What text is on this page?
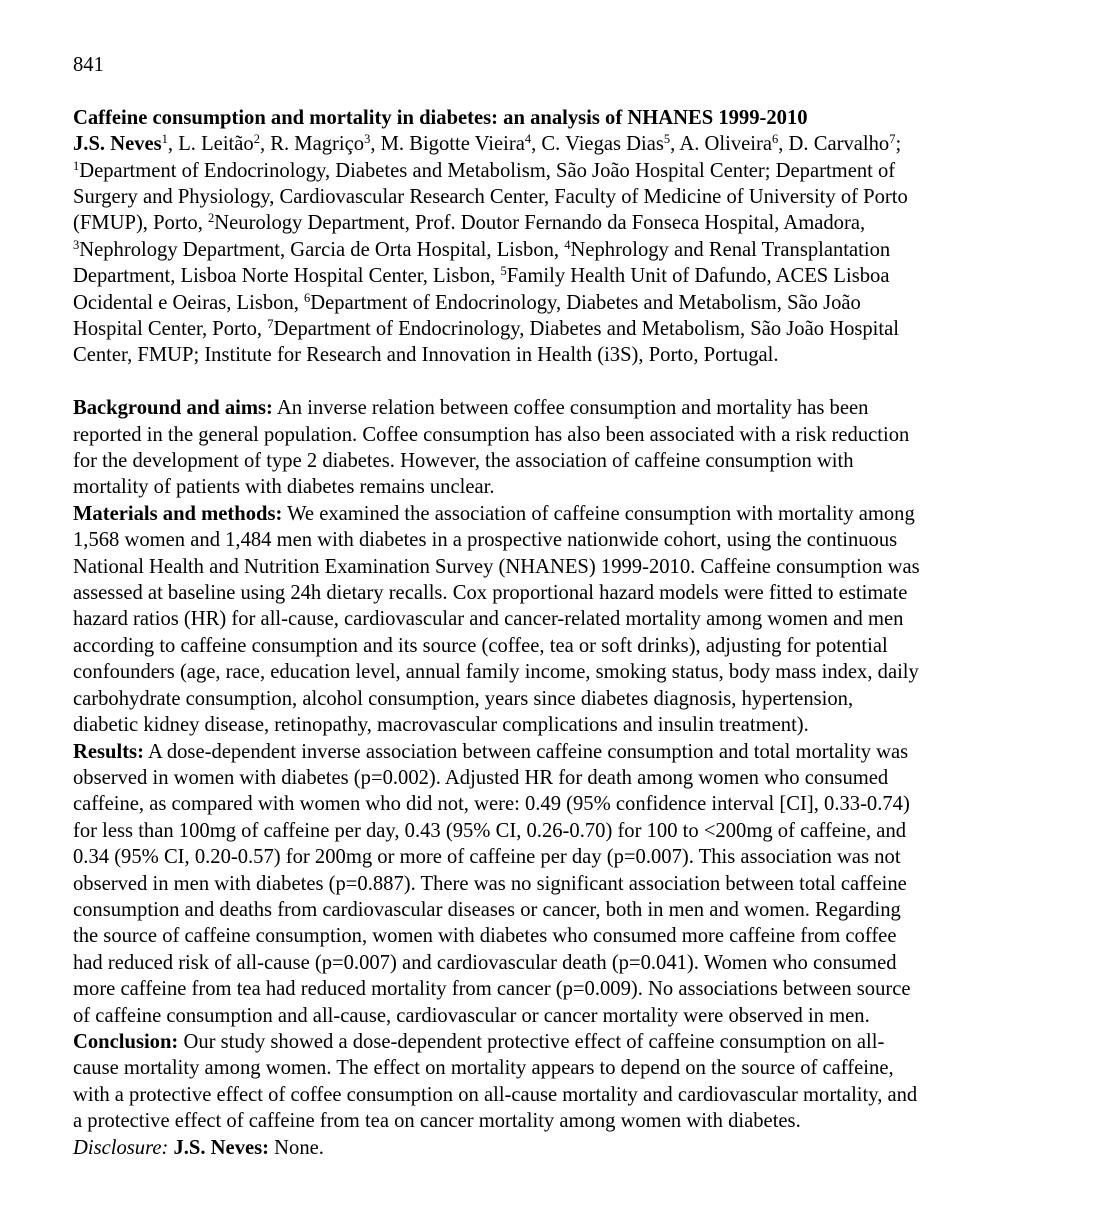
841
Caffeine consumption and mortality in diabetes: an analysis of NHANES 1999-2010
J.S. Neves$^1$, L. Leitão$^2$, R. Magriço$^3$, M. Bigotte Vieira$^4$, C. Viegas Dias$^5$, A. Oliveira$^6$, D. Carvalho$^7$;
$^1$Department of Endocrinology, Diabetes and Metabolism, São João Hospital Center; Department of
Surgery and Physiology, Cardiovascular Research Center, Faculty of Medicine of University of Porto
(FMUP), Porto, $^2$Neurology Department, Prof. Doutor Fernando da Fonseca Hospital, Amadora,
$^3$Nephrology Department, Garcia de Orta Hospital, Lisbon, $^4$Nephrology and Renal Transplantation
Department, Lisboa Norte Hospital Center, Lisbon, $^5$Family Health Unit of Dafundo, ACES Lisboa
Ocidental e Oeiras, Lisbon, $^6$Department of Endocrinology, Diabetes and Metabolism, São João
Hospital Center, Porto, $^7$Department of Endocrinology, Diabetes and Metabolism, São João Hospital
Center, FMUP; Institute for Research and Innovation in Health (i3S), Porto, Portugal.
Background and aims: An inverse relation between coffee consumption and mortality has been
reported in the general population. Coffee consumption has also been associated with a risk reduction
for the development of type 2 diabetes. However, the association of caffeine consumption with
mortality of patients with diabetes remains unclear.
Materials and methods: We examined the association of caffeine consumption with mortality among
1,568 women and 1,484 men with diabetes in a prospective nationwide cohort, using the continuous
National Health and Nutrition Examination Survey (NHANES) 1999-2010. Caffeine consumption was
assessed at baseline using 24h dietary recalls. Cox proportional hazard models were fitted to estimate
hazard ratios (HR) for all-cause, cardiovascular and cancer-related mortality among women and men
according to caffeine consumption and its source (coffee, tea or soft drinks), adjusting for potential
confounders (age, race, education level, annual family income, smoking status, body mass index, daily
carbohydrate consumption, alcohol consumption, years since diabetes diagnosis, hypertension,
diabetic kidney disease, retinopathy, macrovascular complications and insulin treatment).
Results: A dose-dependent inverse association between caffeine consumption and total mortality was
observed in women with diabetes (p=0.002). Adjusted HR for death among women who consumed
caffeine, as compared with women who did not, were: 0.49 (95% confidence interval [CI], 0.33-0.74)
for less than 100mg of caffeine per day, 0.43 (95% CI, 0.26-0.70) for 100 to <200mg of caffeine, and
0.34 (95% CI, 0.20-0.57) for 200mg or more of caffeine per day (p=0.007). This association was not
observed in men with diabetes (p=0.887). There was no significant association between total caffeine
consumption and deaths from cardiovascular diseases or cancer, both in men and women. Regarding
the source of caffeine consumption, women with diabetes who consumed more caffeine from coffee
had reduced risk of all-cause (p=0.007) and cardiovascular death (p=0.041). Women who consumed
more caffeine from tea had reduced mortality from cancer (p=0.009). No associations between source
of caffeine consumption and all-cause, cardiovascular or cancer mortality were observed in men.
Conclusion: Our study showed a dose-dependent protective effect of caffeine consumption on all-
cause mortality among women. The effect on mortality appears to depend on the source of caffeine,
with a protective effect of coffee consumption on all-cause mortality and cardiovascular mortality, and
a protective effect of caffeine from tea on cancer mortality among women with diabetes.
Disclosure: J.S. Neves: None.
